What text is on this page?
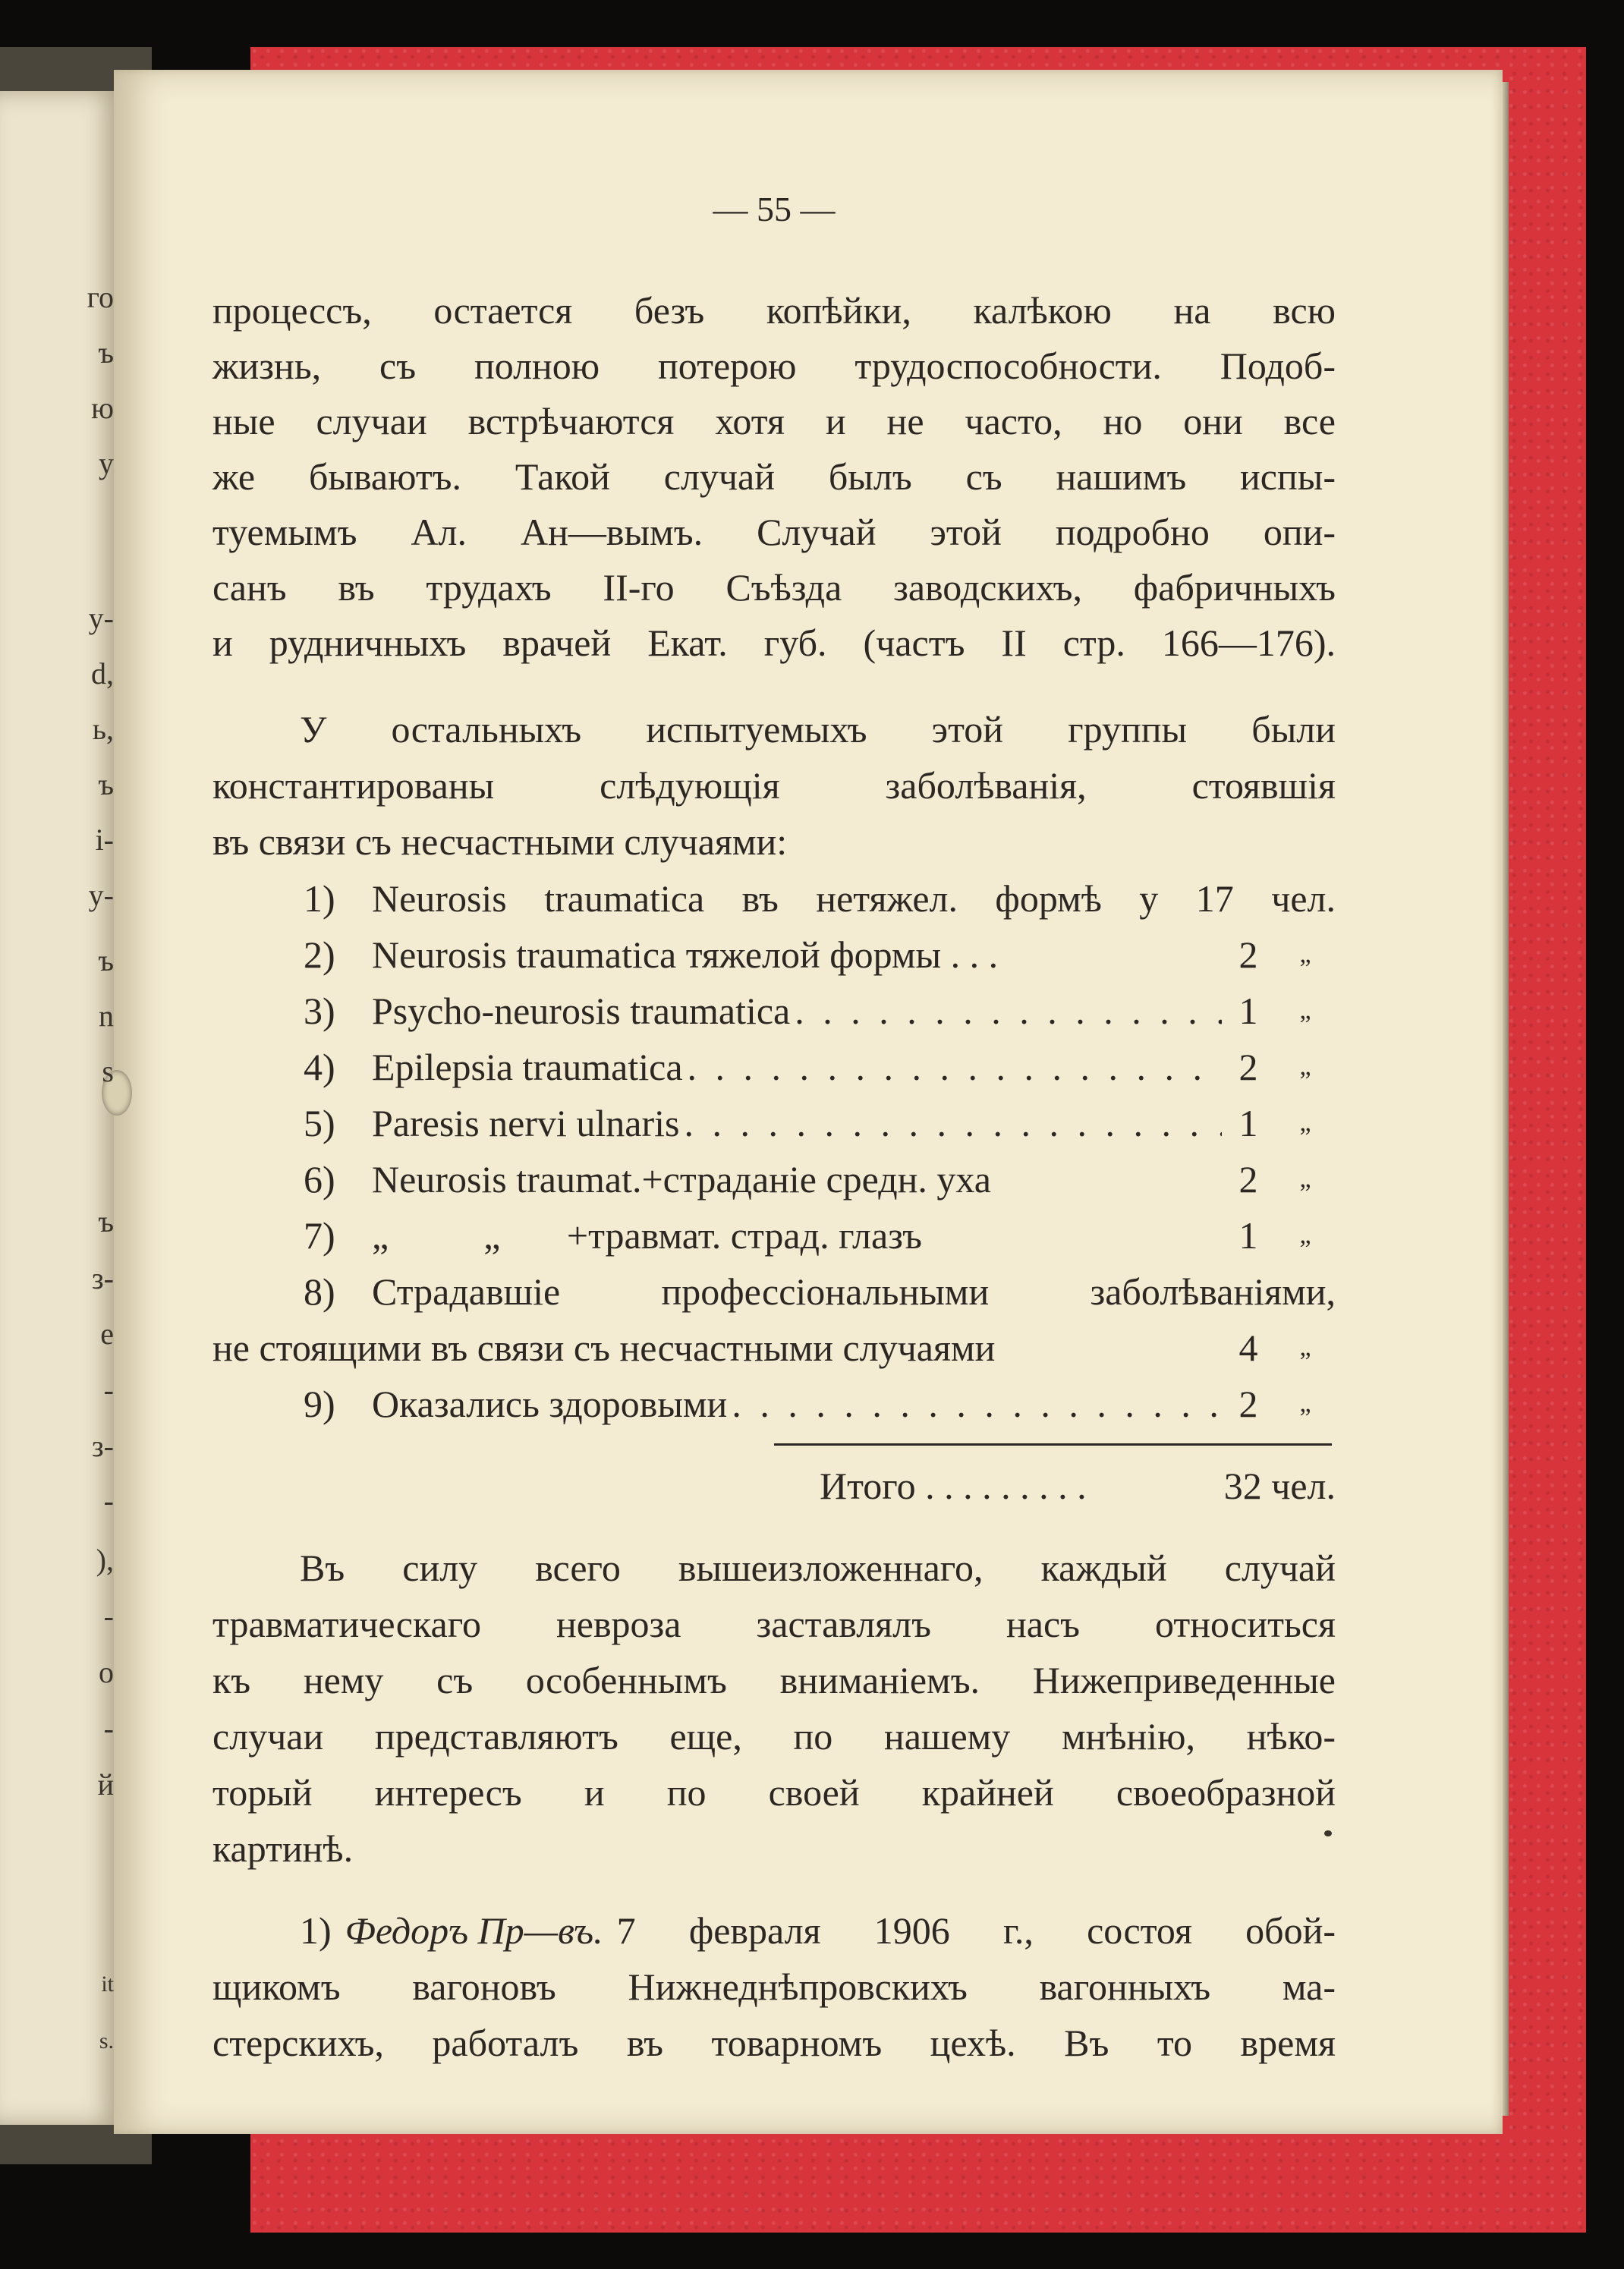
го
ъ
ю
у
у-
d,
ь,
ъ
i-
у-
ъ
n
s
ъ
з-
e
-
з-
-
),
-
о
-
й
it
s.
— 55 —
процессъ, остается безъ копѣйки, калѣкою на всю
жизнь, съ полною потерою трудоспособности. Подоб-
ные случаи встрѣчаются хотя и не часто, но они все
же бываютъ. Такой случай былъ съ нашимъ испы-
туемымъ Ал. Ан—вымъ. Случай этой подробно опи-
санъ въ трудахъ II-го Съѣзда заводскихъ, фабричныхъ
и рудничныхъ врачей Екат. губ. (частъ II стр. 166—176).
У остальныхъ испытуемыхъ этой группы были
константированы слѣдующія заболѣванія, стоявшія
въ связи съ несчастными случаями:
1) Neurosis traumatica въ нетяжел. формѣ у 17 чел.
2) Neurosis traumatica тяжелой формы . . .	2	„
3) Psycho-neurosis traumatica . . .	1	„
4) Epilepsia traumatica . . .	2	„
5) Paresis nervi ulnaris . . .	1	„
6) Neurosis traumat.+страданіе средн. уха	2	„
7) „          „       +травмат. страд. глазъ	1	„
8) Страдавшіе профессіональными заболѣваніями,
не стоящими въ связи съ несчастными случаями	4	„
9) Оказались здоровыми . . .	2	„
Итого . . . . . . . . .	32 чел.
Въ силу всего вышеизложеннаго, каждый случай
травматическаго невроза заставлялъ насъ относиться
къ нему съ особеннымъ вниманіемъ. Нижеприведенные
случаи представляютъ еще, по нашему мнѣнію, нѣко-
торый интересъ и по своей крайней своеобразной
картинѣ.
1) Федоръ Пр—въ. 7 февраля 1906 г., состоя обой-
щикомъ вагоновъ Нижнеднѣпровскихъ вагонныхъ ма-
стерскихъ, работалъ въ товарномъ цехѣ. Въ то время
